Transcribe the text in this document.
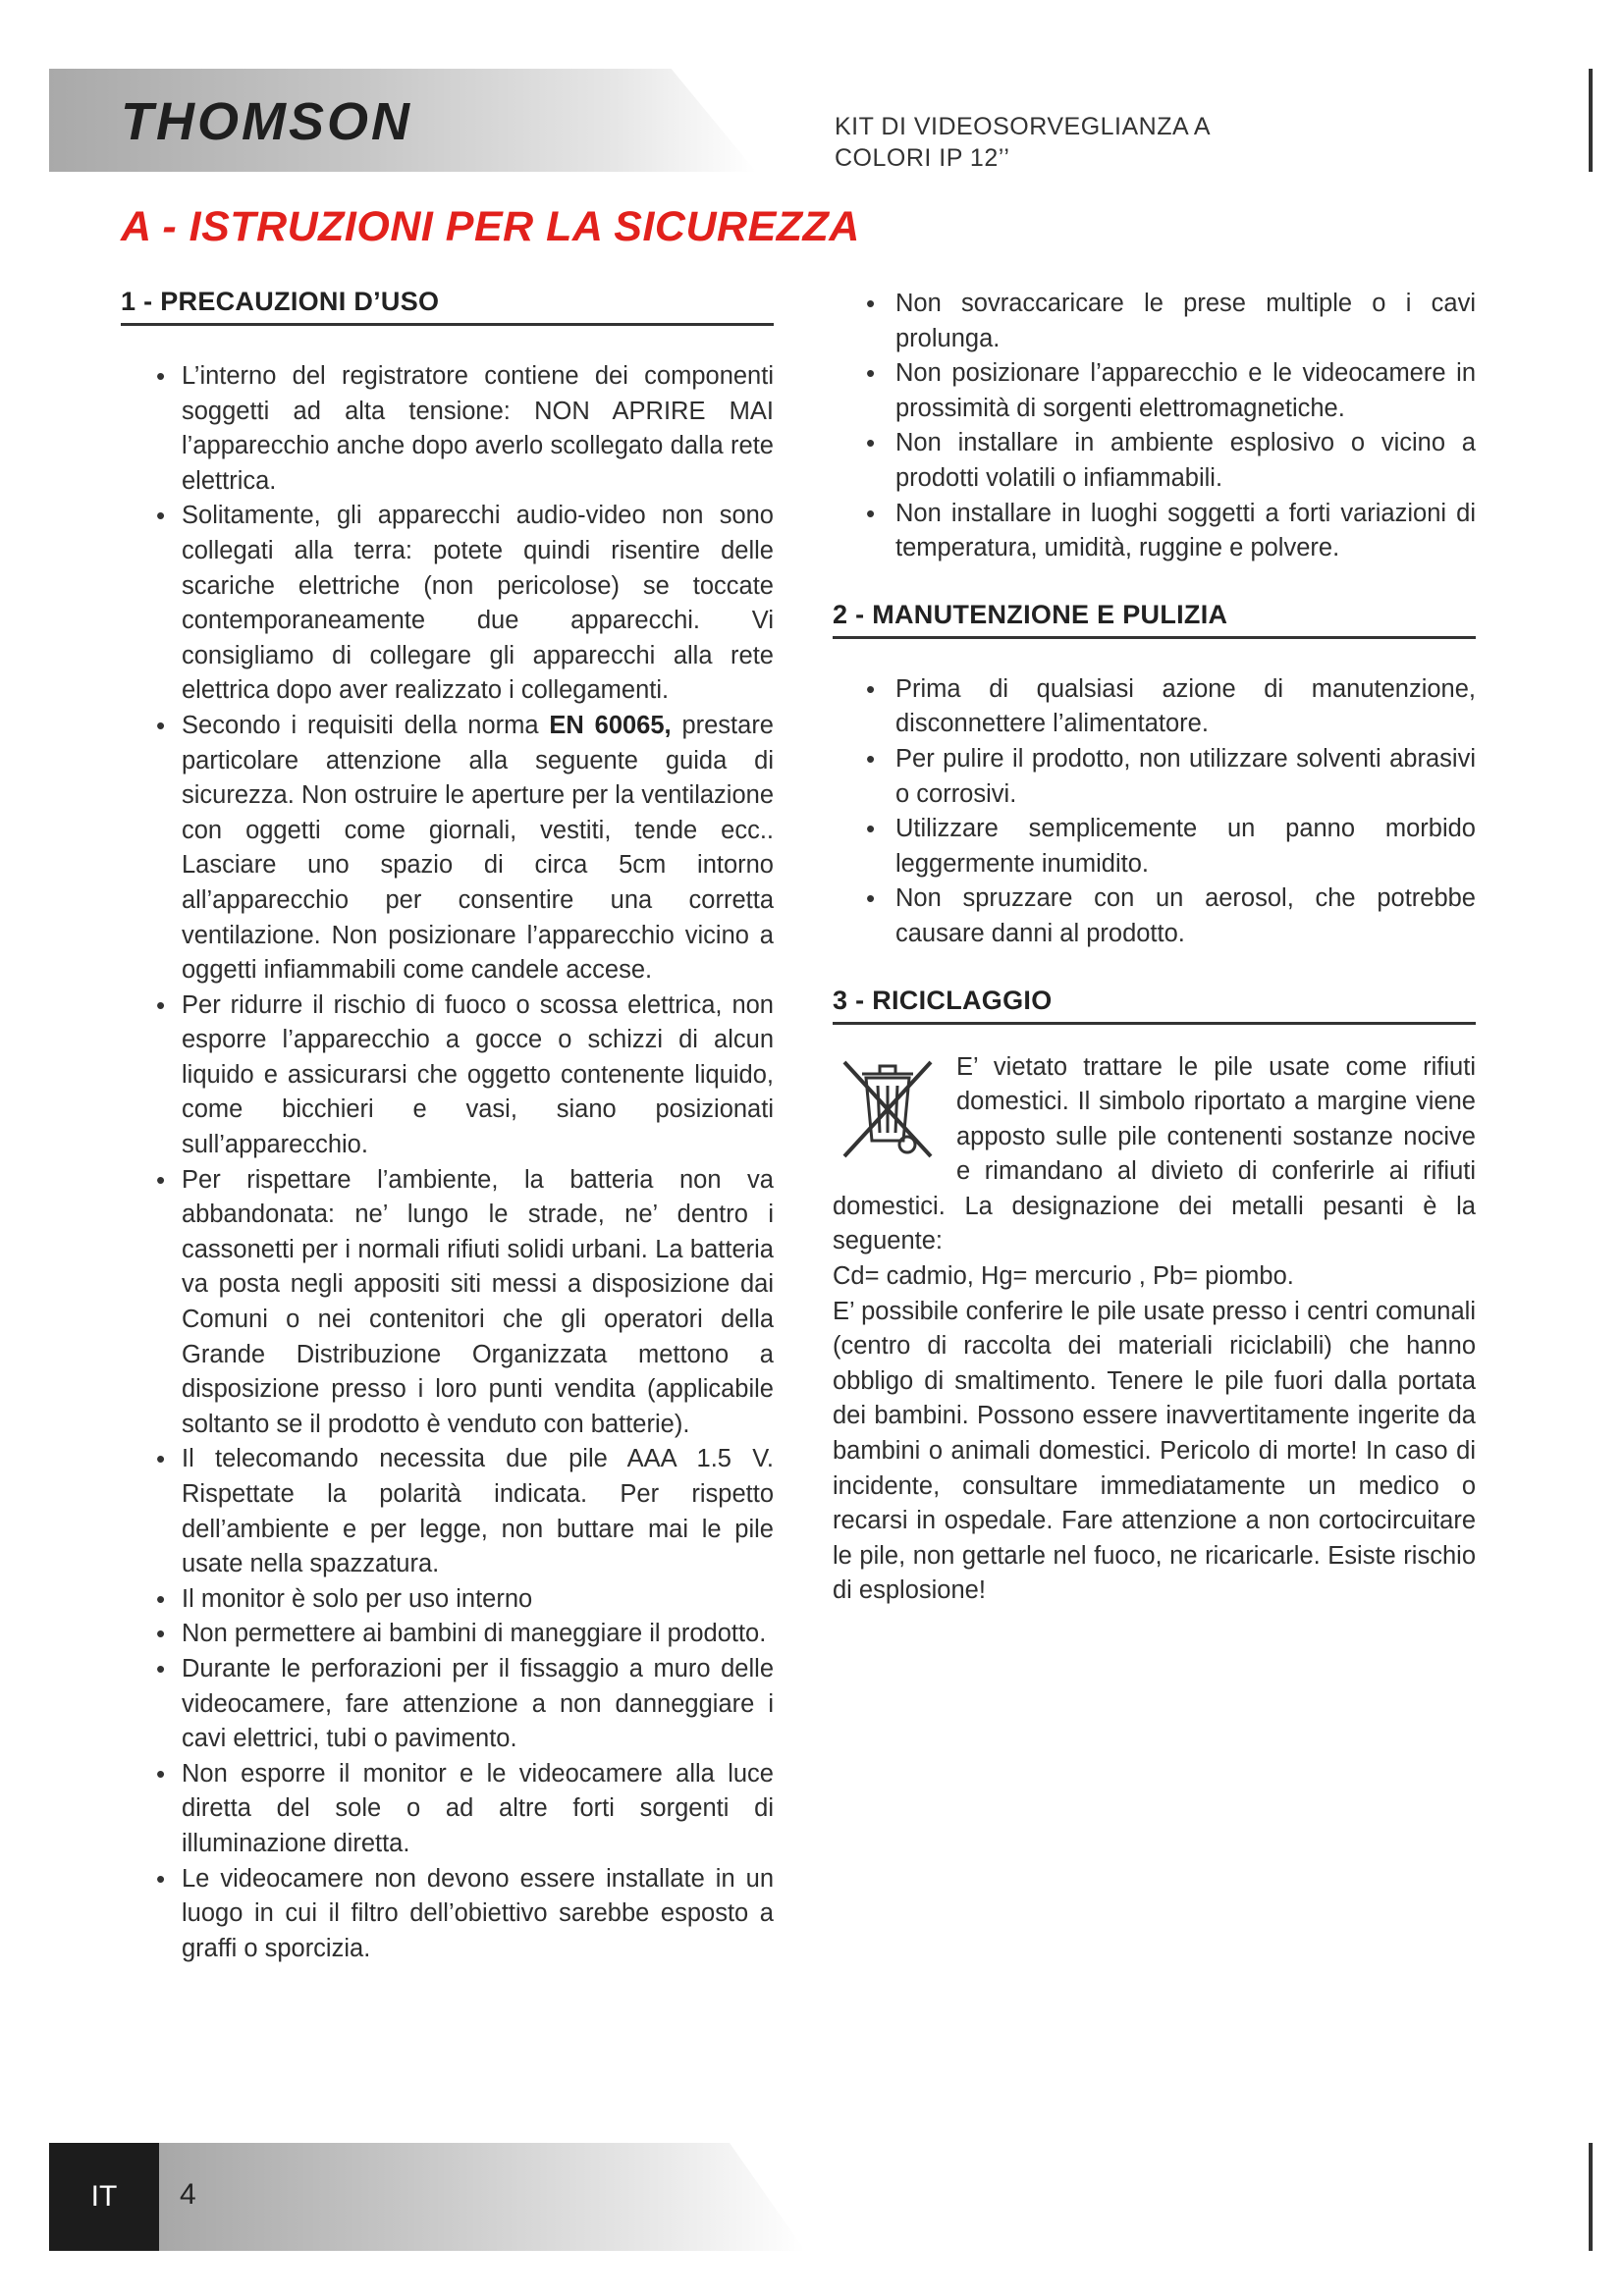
THOMSON	KIT DI VIDEOSORVEGLIANZA A
COLORI IP 12’’
A - ISTRUZIONI PER LA SICUREZZA
1 - PRECAUZIONI D’USO
• L’interno del registratore contiene dei componenti soggetti ad alta tensione: NON APRIRE MAI l’apparecchio anche dopo averlo scollegato dalla rete elettrica.
• Solitamente, gli apparecchi audio-video non sono collegati alla terra: potete quindi risentire delle scariche elettriche (non pericolose) se toccate contemporaneamente due apparecchi. Vi consigliamo di collegare gli apparecchi alla rete elettrica dopo aver realizzato i collegamenti.
• Secondo i requisiti della norma EN 60065, prestare particolare attenzione alla seguente guida di sicurezza. Non ostruire le aperture per la ventilazione con oggetti come giornali, vestiti, tende ecc.. Lasciare uno spazio di circa 5cm intorno all’apparecchio per consentire una corretta ventilazione. Non posizionare l’apparecchio vicino a oggetti infiammabili come candele accese.
• Per ridurre il rischio di fuoco o scossa elettrica, non esporre l’apparecchio a gocce o schizzi di alcun liquido e assicurarsi che oggetto contenente liquido, come bicchieri e vasi, siano posizionati sull’apparecchio.
• Per rispettare l’ambiente, la batteria non va abbandonata: ne’ lungo le strade, ne’ dentro i cassonetti per i normali rifiuti solidi urbani. La batteria va posta negli appositi siti messi a disposizione dai Comuni o nei contenitori che gli operatori della Grande Distribuzione Organizzata mettono a disposizione presso i loro punti vendita (applicabile soltanto se il prodotto è venduto con batterie).
• Il telecomando necessita due pile AAA 1.5 V. Rispettate la polarità indicata. Per rispetto dell’ambiente e per legge, non buttare mai le pile usate nella spazzatura.
• Il monitor è solo per uso interno
• Non permettere ai bambini di maneggiare il prodotto.
• Durante le perforazioni per il fissaggio a muro delle videocamere, fare attenzione a non danneggiare i cavi elettrici, tubi o pavimento.
• Non esporre il monitor e le videocamere alla luce diretta del sole o ad altre forti sorgenti di illuminazione diretta.
• Le videocamere non devono essere installate in un luogo in cui il filtro dell’obiettivo sarebbe esposto a graffi o sporcizia.
• Non sovraccaricare le prese multiple o i cavi prolunga.
• Non posizionare l’apparecchio e le videocamere in prossimità di sorgenti elettromagnetiche.
• Non installare in ambiente esplosivo o vicino a prodotti volatili o infiammabili.
• Non installare in luoghi soggetti a forti variazioni di temperatura, umidità, ruggine e polvere.
2 - MANUTENZIONE E PULIZIA
• Prima di qualsiasi azione di manutenzione, disconnettere l’alimentatore.
• Per pulire il prodotto, non utilizzare solventi abrasivi o corrosivi.
• Utilizzare semplicemente un panno morbido leggermente inumidito.
• Non spruzzare con un aerosol, che potrebbe causare danni al prodotto.
3 - RICICLAGGIO

E’ vietato trattare le pile usate come rifiuti domestici. Il simbolo riportato a margine viene apposto sulle pile contenenti sostanze nocive e rimandano al divieto di conferirle ai rifiuti domestici. La designazione dei metalli pesanti è la seguente:

Cd= cadmio, Hg= mercurio , Pb= piombo.

E’ possibile conferire le pile usate presso i centri comunali (centro di raccolta dei materiali riciclabili) che hanno obbligo di smaltimento. Tenere le pile fuori dalla portata dei bambini. Possono essere inavvertitamente ingerite da bambini o animali domestici. Pericolo di morte! In caso di incidente, consultare immediatamente un medico o recarsi in ospedale. Fare attenzione a non cortocircuitare le pile, non gettarle nel fuoco, ne ricaricarle. Esiste rischio di esplosione!

IT	4
